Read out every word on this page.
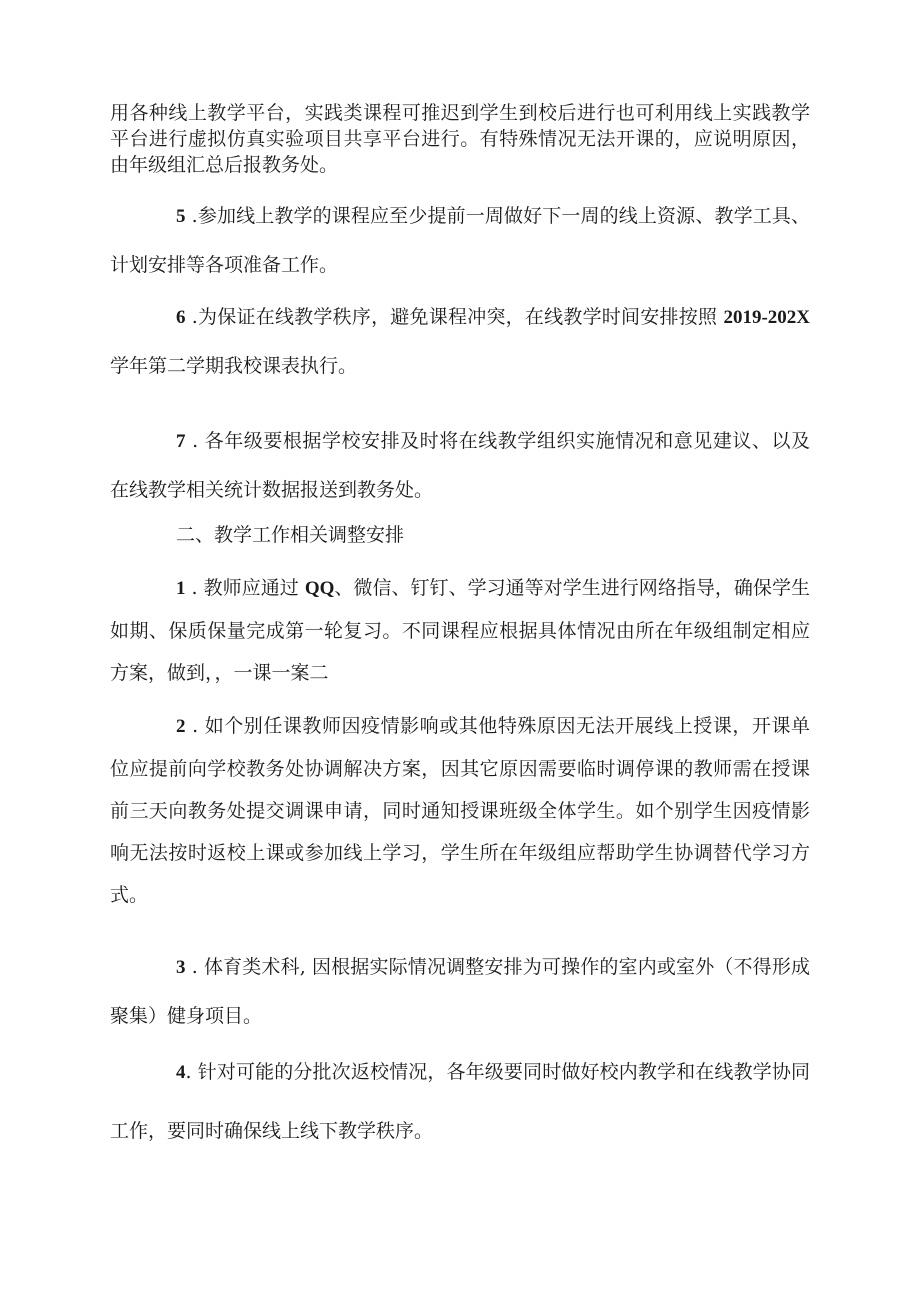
用各种线上教学平台，实践类课程可推迟到学生到校后进行也可利用线上实践教学平台进行虚拟仿真实验项目共享平台进行。有特殊情况无法开课的，应说明原因，由年级组汇总后报教务处。

5 .参加线上教学的课程应至少提前一周做好下一周的线上资源、教学工具、计划安排等各项准备工作。

6 .为保证在线教学秩序，避免课程冲突，在线教学时间安排按照 2019-202X 学年第二学期我校课表执行。

7 . 各年级要根据学校安排及时将在线教学组织实施情况和意见建议、以及在线教学相关统计数据报送到教务处。

二、教学工作相关调整安排

1 . 教师应通过 QQ、微信、钉钉、学习通等对学生进行网络指导，确保学生如期、保质保量完成第一轮复习。不同课程应根据具体情况由所在年级组制定相应方案，做到，，一课一案二

2 . 如个别任课教师因疫情影响或其他特殊原因无法开展线上授课，开课单位应提前向学校教务处协调解决方案，因其它原因需要临时调停课的教师需在授课前三天向教务处提交调课申请，同时通知授课班级全体学生。如个别学生因疫情影响无法按时返校上课或参加线上学习，学生所在年级组应帮助学生协调替代学习方式。

3 . 体育类术科, 因根据实际情况调整安排为可操作的室内或室外（不得形成聚集）健身项目。

4. 针对可能的分批次返校情况，各年级要同时做好校内教学和在线教学协同工作，要同时确保线上线下教学秩序。
